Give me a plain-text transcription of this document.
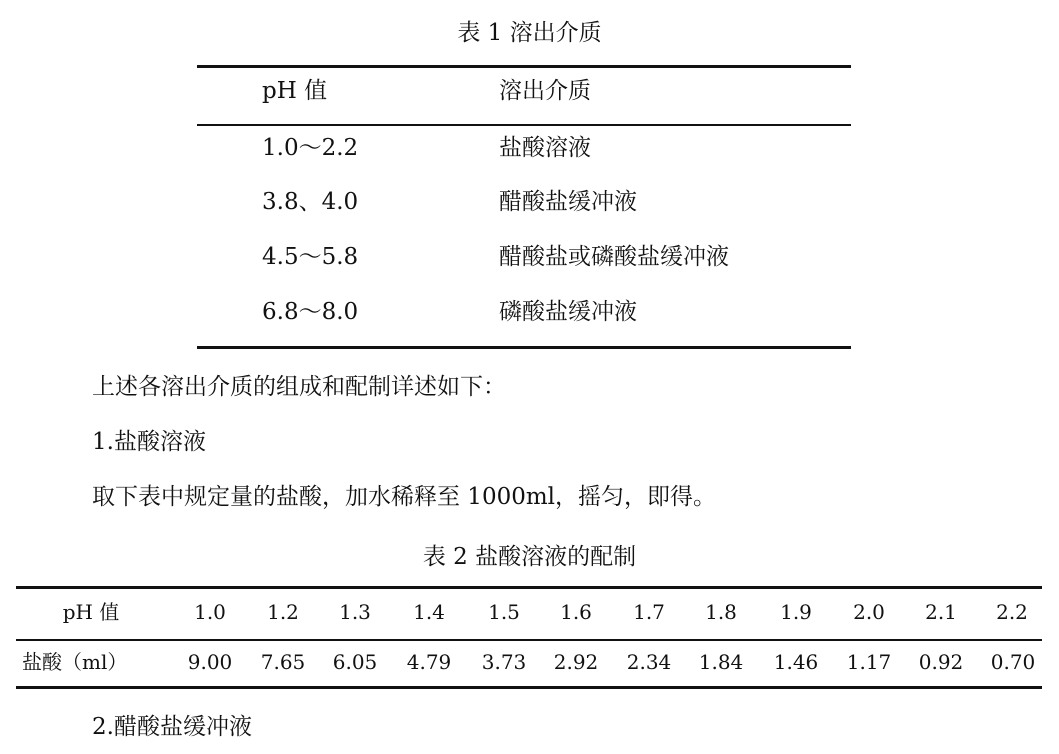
表 1 溶出介质
pH 值	溶出介质
1.0～2.2	盐酸溶液
3.8、4.0	醋酸盐缓冲液
4.5～5.8	醋酸盐或磷酸盐缓冲液
6.8～8.0	磷酸盐缓冲液
上述各溶出介质的组成和配制详述如下：
1.盐酸溶液
取下表中规定量的盐酸，加水稀释至 1000ml，摇匀，即得。
表 2 盐酸溶液的配制
pH 值	1.0	1.2	1.3	1.4	1.5	1.6	1.7	1.8	1.9	2.0	2.1	2.2
盐酸（ml）	9.00 7.65 6.05 4.79 3.73 2.92 2.34 1.84 1.46 1.17 0.92 0.70
2.醋酸盐缓冲液
